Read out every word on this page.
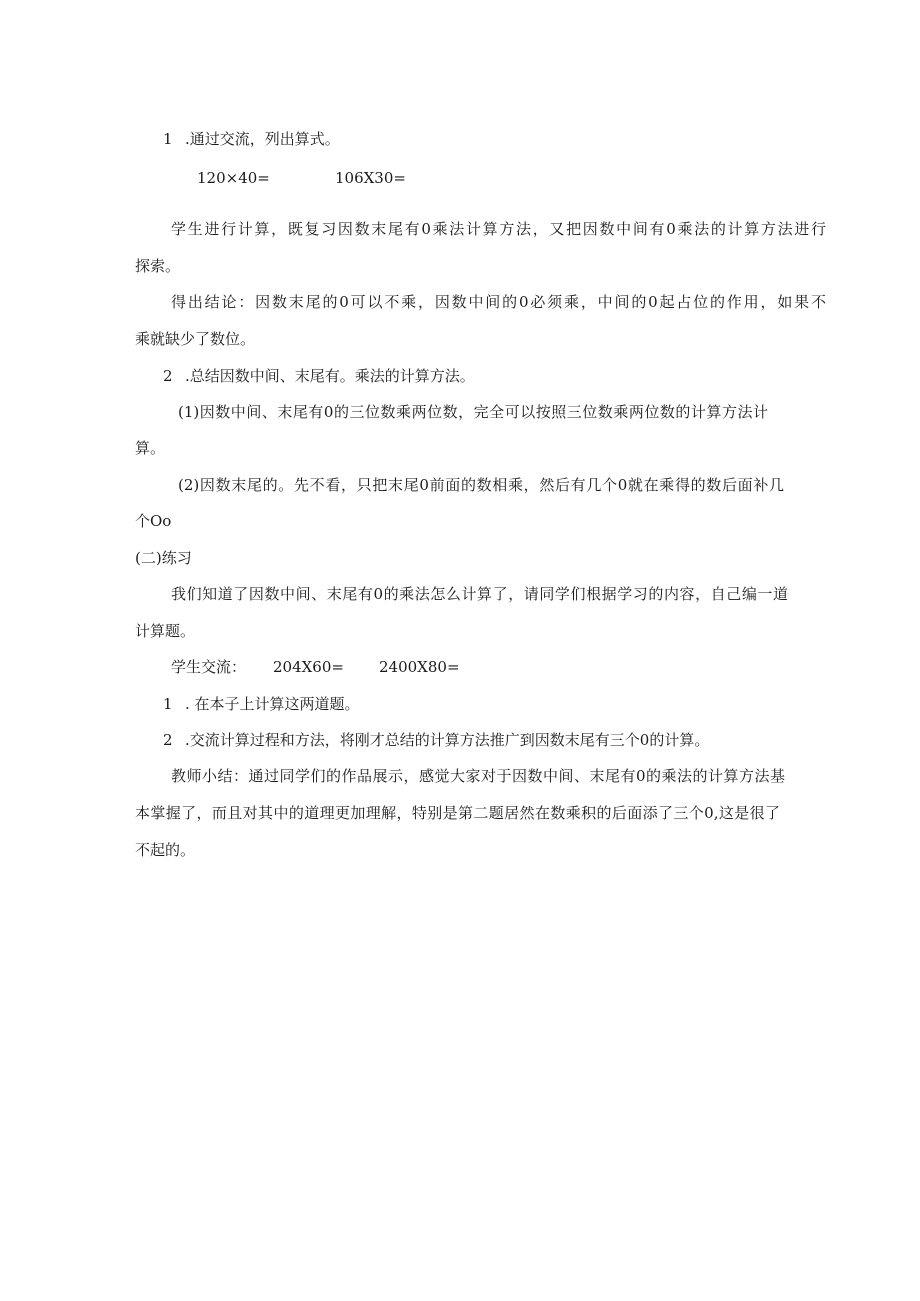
1 .通过交流，列出算式。
120×40=	106X30=
学生进行计算，既复习因数末尾有0乘法计算方法，又把因数中间有0乘法的计算方法进行
探索。
得出结论：因数末尾的0可以不乘，因数中间的0必须乘，中间的0起占位的作用，如果不
乘就缺少了数位。
2 .总结因数中间、末尾有。乘法的计算方法。
(1)因数中间、末尾有0的三位数乘两位数，完全可以按照三位数乘两位数的计算方法计
算。
(2)因数末尾的。先不看，只把末尾0前面的数相乘，然后有几个0就在乘得的数后面补几
个Oo
(二)练习
我们知道了因数中间、末尾有0的乘法怎么计算了，请同学们根据学习的内容，自己编一道
计算题。
学生交流： 204X60= 2400X80=
1 . 在本子上计算这两道题。
2 .交流计算过程和方法，将刚才总结的计算方法推广到因数末尾有三个0的计算。
教师小结：通过同学们的作品展示，感觉大家对于因数中间、末尾有0的乘法的计算方法基
本掌握了，而且对其中的道理更加理解，特别是第二题居然在数乘积的后面添了三个0,这是很了
不起的。
